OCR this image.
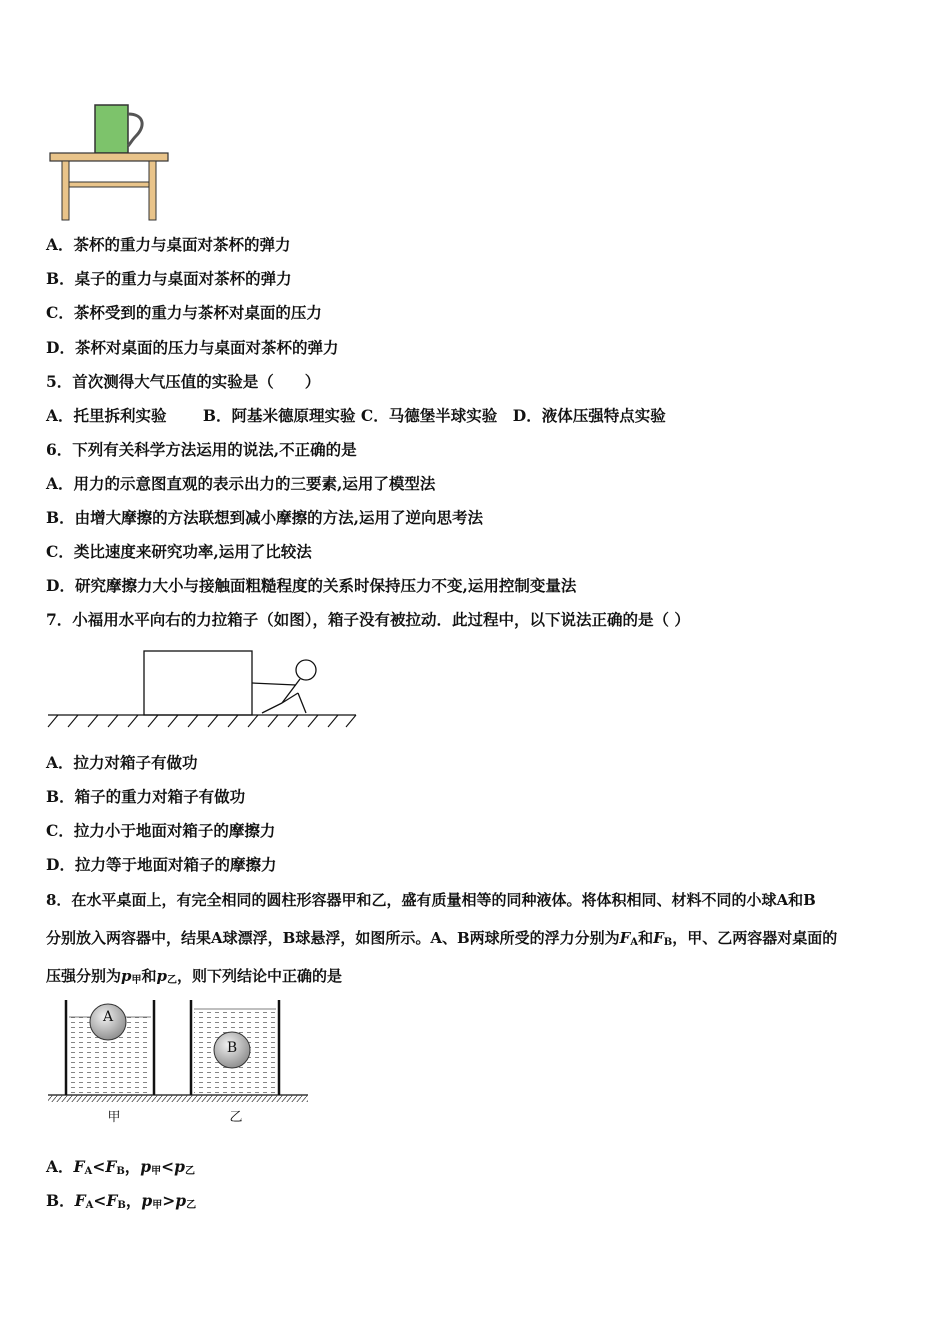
A．茶杯的重力与桌面对茶杯的弹力
B．桌子的重力与桌面对茶杯的弹力
C．茶杯受到的重力与茶杯对桌面的压力
D．茶杯对桌面的压力与桌面对茶杯的弹力
5．首次测得大气压值的实验是（　　）
A．托里拆利实验　　 B．阿基米德原理实验 C．马德堡半球实验　D．液体压强特点实验
6．下列有关科学方法运用的说法,不正确的是
A．用力的示意图直观的表示出力的三要素,运用了模型法
B．由增大摩擦的方法联想到减小摩擦的方法,运用了逆向思考法
C．类比速度来研究功率,运用了比较法
D．研究摩擦力大小与接触面粗糙程度的关系时保持压力不变,运用控制变量法
7．小福用水平向右的力拉箱子（如图），箱子没有被拉动．此过程中，以下说法正确的是（ ）
A．拉力对箱子有做功
B．箱子的重力对箱子有做功
C．拉力小于地面对箱子的摩擦力
D．拉力等于地面对箱子的摩擦力
8．在水平桌面上，有完全相同的圆柱形容器甲和乙，盛有质量相等的同种液体。将体积相同、材料不同的小球A和B
分别放入两容器中，结果A球漂浮，B球悬浮，如图所示。A、B两球所受的浮力分别为$F_A$和$F_B$，甲、乙两容器对桌面的
压强分别为$p_甲$和$p_乙$，则下列结论中正确的是
A
B
甲	乙
A．$F_A<F_B$，$p_甲<p_乙$
B．$F_A<F_B$，$p_甲>p_乙$
